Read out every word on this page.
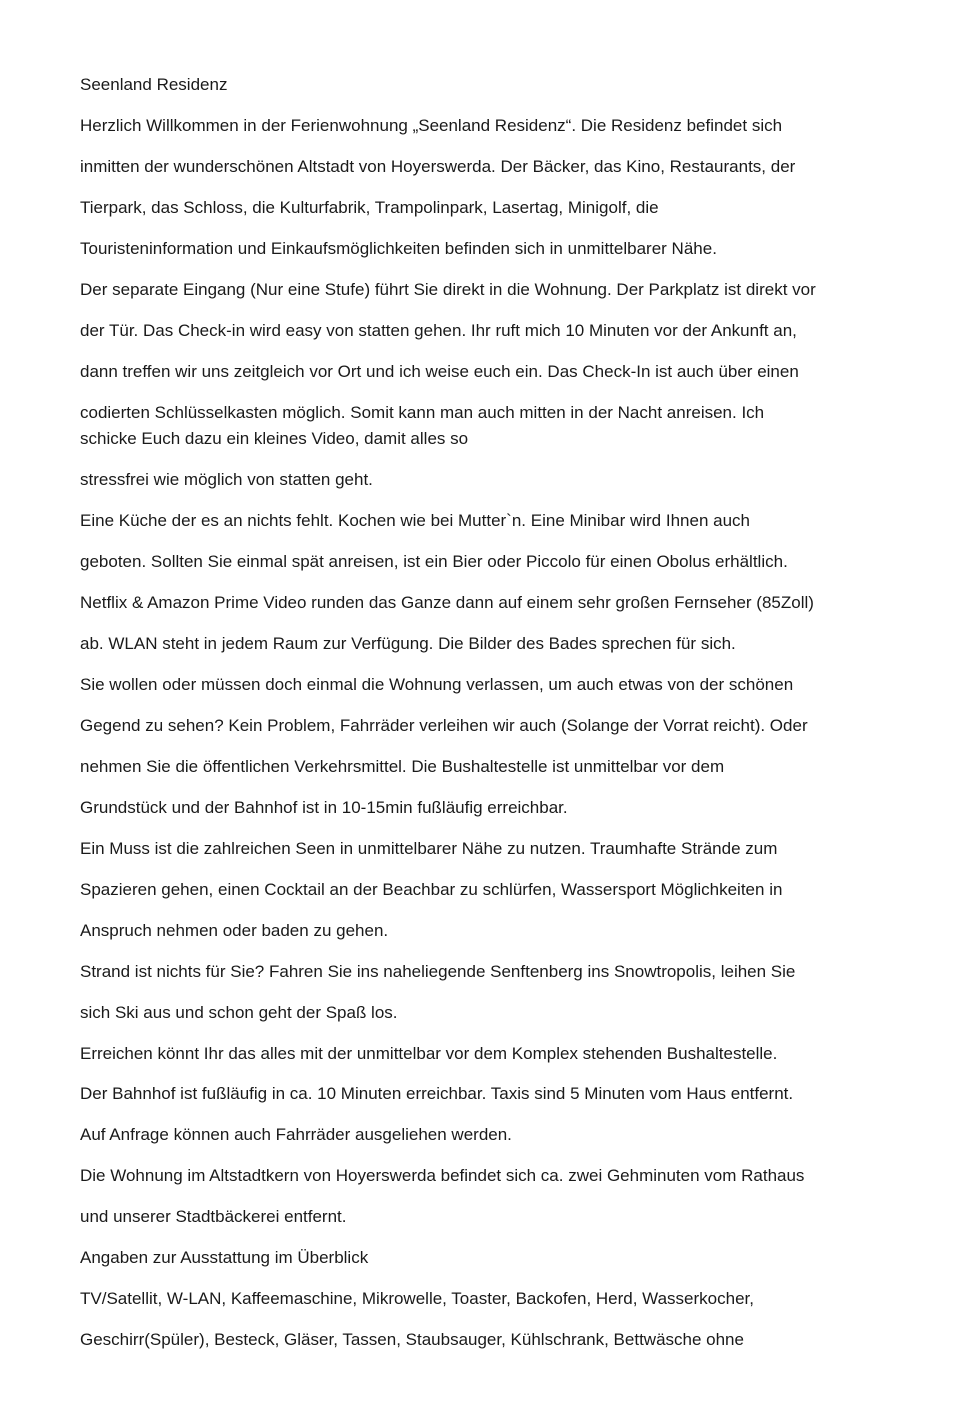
Seenland Residenz
Herzlich Willkommen in der Ferienwohnung „Seenland Residenz“. Die Residenz befindet sich
inmitten der wunderschönen Altstadt von Hoyerswerda. Der Bäcker, das Kino, Restaurants, der
Tierpark, das Schloss, die Kulturfabrik, Trampolinpark, Lasertag, Minigolf, die
Touristeninformation und Einkaufsmöglichkeiten befinden sich in unmittelbarer Nähe.
Der separate Eingang (Nur eine Stufe) führt Sie direkt in die Wohnung. Der Parkplatz ist direkt vor
der Tür. Das Check-in wird easy von statten gehen. Ihr ruft mich 10 Minuten vor der Ankunft an,
dann treffen wir uns zeitgleich vor Ort und ich weise euch ein. Das Check-In ist auch über einen
codierten Schlüsselkasten möglich. Somit kann man auch mitten in der Nacht anreisen. Ich
schicke Euch dazu ein kleines Video, damit alles so
stressfrei wie möglich von statten geht.
Eine Küche der es an nichts fehlt. Kochen wie bei Mutter`n. Eine Minibar wird Ihnen auch
geboten. Sollten Sie einmal spät anreisen, ist ein Bier oder Piccolo für einen Obolus erhältlich.
Netflix & Amazon Prime Video runden das Ganze dann auf einem sehr großen Fernseher (85Zoll)
ab. WLAN steht in jedem Raum zur Verfügung. Die Bilder des Bades sprechen für sich.
Sie wollen oder müssen doch einmal die Wohnung verlassen, um auch etwas von der schönen
Gegend zu sehen? Kein Problem, Fahrräder verleihen wir auch (Solange der Vorrat reicht). Oder
nehmen Sie die öffentlichen Verkehrsmittel. Die Bushaltestelle ist unmittelbar vor dem
Grundstück und der Bahnhof ist in 10-15min fußläufig erreichbar.
Ein Muss ist die zahlreichen Seen in unmittelbarer Nähe zu nutzen. Traumhafte Strände zum
Spazieren gehen, einen Cocktail an der Beachbar zu schlürfen, Wassersport Möglichkeiten in
Anspruch nehmen oder baden zu gehen.
Strand ist nichts für Sie? Fahren Sie ins naheliegende Senftenberg ins Snowtropolis, leihen Sie
sich Ski aus und schon geht der Spaß los.
Erreichen könnt Ihr das alles mit der unmittelbar vor dem Komplex stehenden Bushaltestelle.
Der Bahnhof ist fußläufig in ca. 10 Minuten erreichbar. Taxis sind 5 Minuten vom Haus entfernt.
Auf Anfrage können auch Fahrräder ausgeliehen werden.
Die Wohnung im Altstadtkern von Hoyerswerda befindet sich ca. zwei Gehminuten vom Rathaus
und unserer Stadtbäckerei entfernt.
Angaben zur Ausstattung im Überblick
TV/Satellit, W-LAN, Kaffeemaschine, Mikrowelle, Toaster, Backofen, Herd, Wasserkocher,
Geschirr(Spüler), Besteck, Gläser, Tassen, Staubsauger, Kühlschrank, Bettwäsche ohne
